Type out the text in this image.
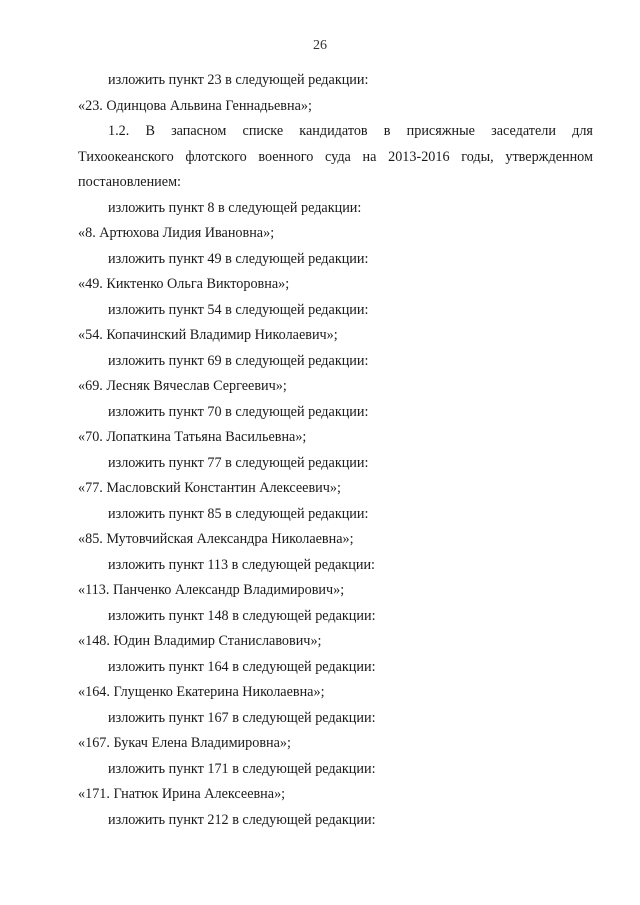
26
изложить пункт 23 в следующей редакции:
«23. Одинцова Альвина Геннадьевна»;
1.2. В запасном списке кандидатов в присяжные заседатели для
Тихоокеанского флотского военного суда на 2013-2016 годы, утвержденном
постановлением:
изложить пункт 8 в следующей редакции:
«8. Артюхова Лидия Ивановна»;
изложить пункт 49 в следующей редакции:
«49. Киктенко Ольга Викторовна»;
изложить пункт 54 в следующей редакции:
«54. Копачинский Владимир Николаевич»;
изложить пункт 69 в следующей редакции:
«69. Лесняк Вячеслав Сергеевич»;
изложить пункт 70 в следующей редакции:
«70. Лопаткина Татьяна Васильевна»;
изложить пункт 77 в следующей редакции:
«77. Масловский Константин Алексеевич»;
изложить пункт 85 в следующей редакции:
«85. Мутовчийская Александра Николаевна»;
изложить пункт 113 в следующей редакции:
«113. Панченко Александр Владимирович»;
изложить пункт 148 в следующей редакции:
«148. Юдин Владимир Станиславович»;
изложить пункт 164 в следующей редакции:
«164. Глущенко Екатерина Николаевна»;
изложить пункт 167 в следующей редакции:
«167. Букач Елена Владимировна»;
изложить пункт 171 в следующей редакции:
«171. Гнатюк Ирина Алексеевна»;
изложить пункт 212 в следующей редакции:
